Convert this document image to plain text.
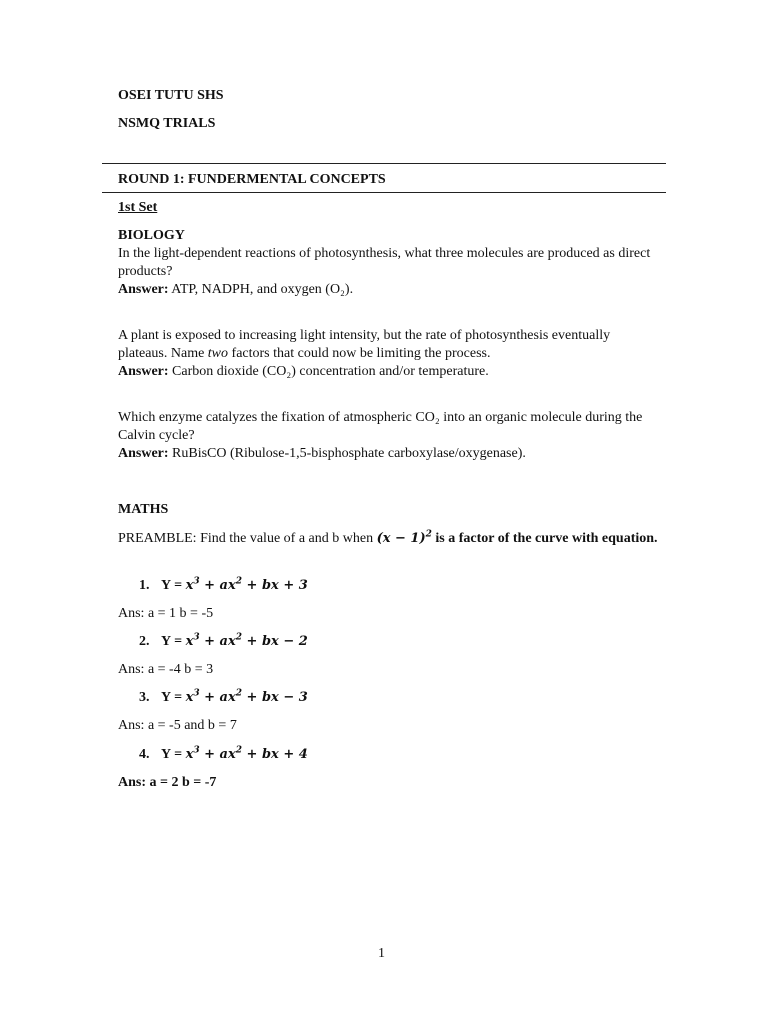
OSEI TUTU SHS
NSMQ TRIALS
ROUND 1: FUNDERMENTAL CONCEPTS
1st Set
BIOLOGY

In the light-dependent reactions of photosynthesis, what three molecules are produced as direct products?

Answer: ATP, NADPH, and oxygen (O₂).

A plant is exposed to increasing light intensity, but the rate of photosynthesis eventually plateaus. Name two factors that could now be limiting the process.

Answer: Carbon dioxide (CO₂) concentration and/or temperature.

Which enzyme catalyzes the fixation of atmospheric CO₂ into an organic molecule during the Calvin cycle?

Answer: RuBisCO (Ribulose-1,5-bisphosphate carboxylase/oxygenase).

MATHS

PREAMBLE: Find the value of a and b when $(x - 1)^2$ is a factor of the curve with equation.

1. $Y = x^3 + ax^2$ + bx + 3
Ans: a = 1 b = -5
2. $Y = x^3 + ax^2$ + bx − 2
Ans: a = -4 b = 3
3. $Y = x^3 + ax^2$ + bx − 3
Ans: a = -5 and b = 7
4. $Y = x^3 + ax^2$ + bx + 4
Ans: a = 2 b = -7
1
